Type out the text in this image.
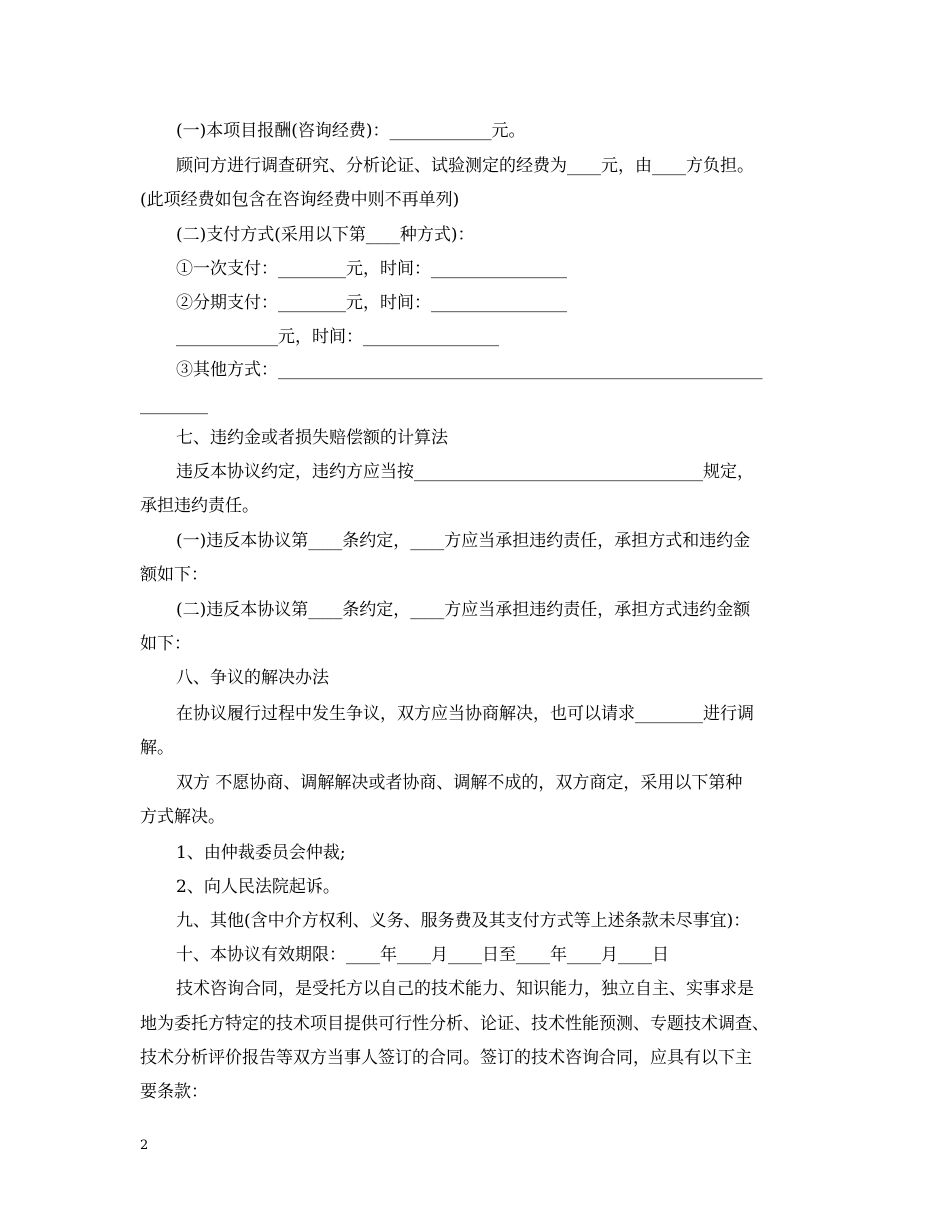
(一)本项目报酬(咨询经费)：____________元。
顾问方进行调查研究、分析论证、试验测定的经费为____元，由____方负担。
(此项经费如包含在咨询经费中则不再单列)
(二)支付方式(采用以下第____种方式)：
①一次支付：________元，时间：________________
②分期支付：________元，时间：________________
____________元，时间：________________
③其他方式：_________________________________________________________
________
七、违约金或者损失赔偿额的计算法
违反本协议约定，违约方应当按__________________________________规定，
承担违约责任。
(一)违反本协议第____条约定，____方应当承担违约责任，承担方式和违约金
额如下：
(二)违反本协议第____条约定，____方应当承担违约责任，承担方式违约金额
如下：
八、争议的解决办法
在协议履行过程中发生争议，双方应当协商解决，也可以请求________进行调
解。
双方 不愿协商、调解解决或者协商、调解不成的，双方商定，采用以下第种
方式解决。
1、由仲裁委员会仲裁;
2、向人民法院起诉。
九、其他(含中介方权利、义务、服务费及其支付方式等上述条款未尽事宜)：
十、本协议有效期限：____年____月____日至____年____月____日
技术咨询合同，是受托方以自己的技术能力、知识能力，独立自主、实事求是
地为委托方特定的技术项目提供可行性分析、论证、技术性能预测、专题技术调查、
技术分析评价报告等双方当事人签订的合同。签订的技术咨询合同，应具有以下主
要条款：
2
